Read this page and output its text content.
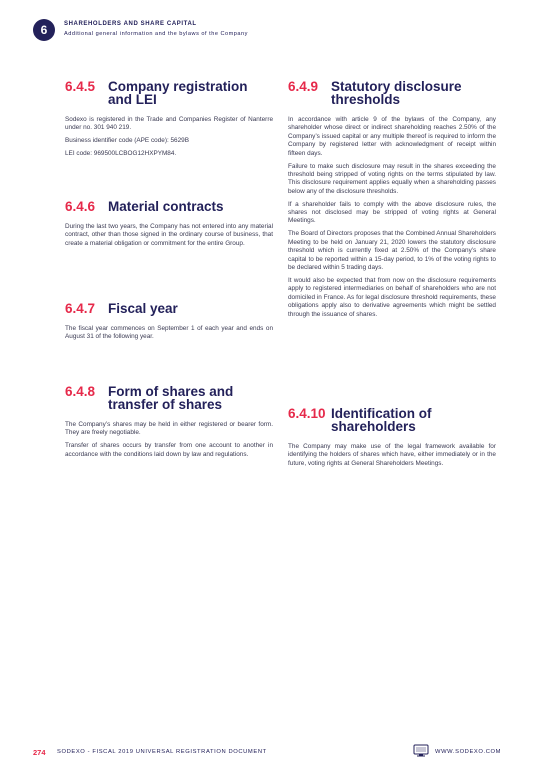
6	SHAREHOLDERS AND SHARE CAPITAL
Additional general information and the bylaws of the Company
6.4.5 Company registration and LEI

Sodexo is registered in the Trade and Companies Register of Nanterre under no. 301 940 219.

Business identifier code (APE code): 5629B

LEI code: 969500LCBOG12HXPYM84.

6.4.6 Material contracts

During the last two years, the Company has not entered into any material contract, other than those signed in the ordinary course of business, that create a material obligation or commitment for the entire Group.

6.4.7 Fiscal year

The fiscal year commences on September 1 of each year and ends on August 31 of the following year.

6.4.8 Form of shares and transfer of shares

The Company’s shares may be held in either registered or bearer form. They are freely negotiable.

Transfer of shares occurs by transfer from one account to another in accordance with the conditions laid down by law and regulations.

6.4.9 Statutory disclosure thresholds

In accordance with article 9 of the bylaws of the Company, any shareholder whose direct or indirect shareholding reaches 2.50% of the Company’s issued capital or any multiple thereof is required to inform the Company by registered letter with acknowledgment of receipt within fifteen days.

Failure to make such disclosure may result in the shares exceeding the threshold being stripped of voting rights on the terms stipulated by law. This disclosure requirement applies equally when a shareholding passes below any of the disclosure thresholds.

If a shareholder fails to comply with the above disclosure rules, the shares not disclosed may be stripped of voting rights at General Meetings.

The Board of Directors proposes that the Combined Annual Shareholders Meeting to be held on January 21, 2020 lowers the statutory disclosure threshold which is currently fixed at 2.50% of the Company’s share capital to be reported within a 15-day period, to 1% of the voting rights to be declared within 5 trading days.

It would also be expected that from now on the disclosure requirements apply to registered intermediaries on behalf of shareholders who are not domiciled in France. As for legal disclosure threshold requirements, these obligations apply also to derivative agreements which might be settled through the issuance of shares.

6.4.10 Identification of shareholders

The Company may make use of the legal framework available for identifying the holders of shares which have, either immediately or in the future, voting rights at General Shareholders Meetings.

274 SODEXO - FISCAL 2019 UNIVERSAL REGISTRATION DOCUMENT	WWW.SODEXO.COM
